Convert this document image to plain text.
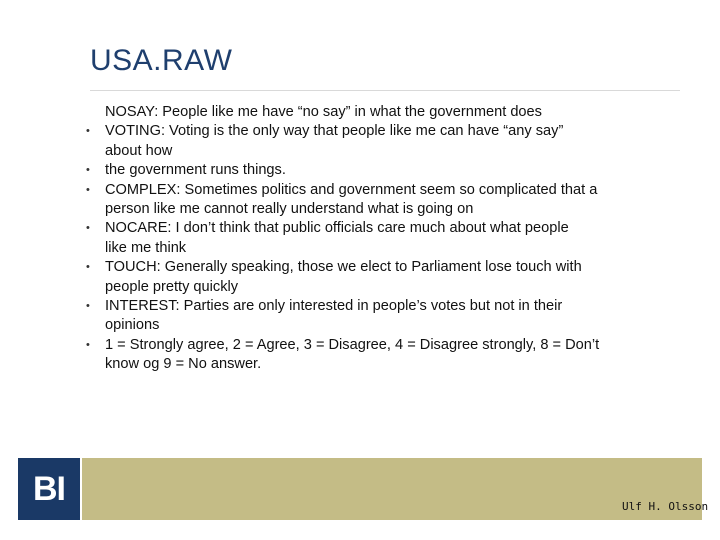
USA.RAW
NOSAY: People like me have “no say” in what the government does
•	VOTING: Voting is the only way that people like me can have “any say”
about how
•	the government runs things.
•	COMPLEX: Sometimes politics and government seem so complicated that a
person like me cannot really understand what is going on
•	NOCARE: I don’t think that public officials care much about what people
like me think
•	TOUCH: Generally speaking, those we elect to Parliament lose touch with
people pretty quickly
•	INTEREST: Parties are only interested in people’s votes but not in their
opinions
•	1 = Strongly agree, 2 = Agree, 3 = Disagree, 4 = Disagree strongly, 8 = Don’t
know og 9 = No answer.
BI	Ulf H. Olsson
